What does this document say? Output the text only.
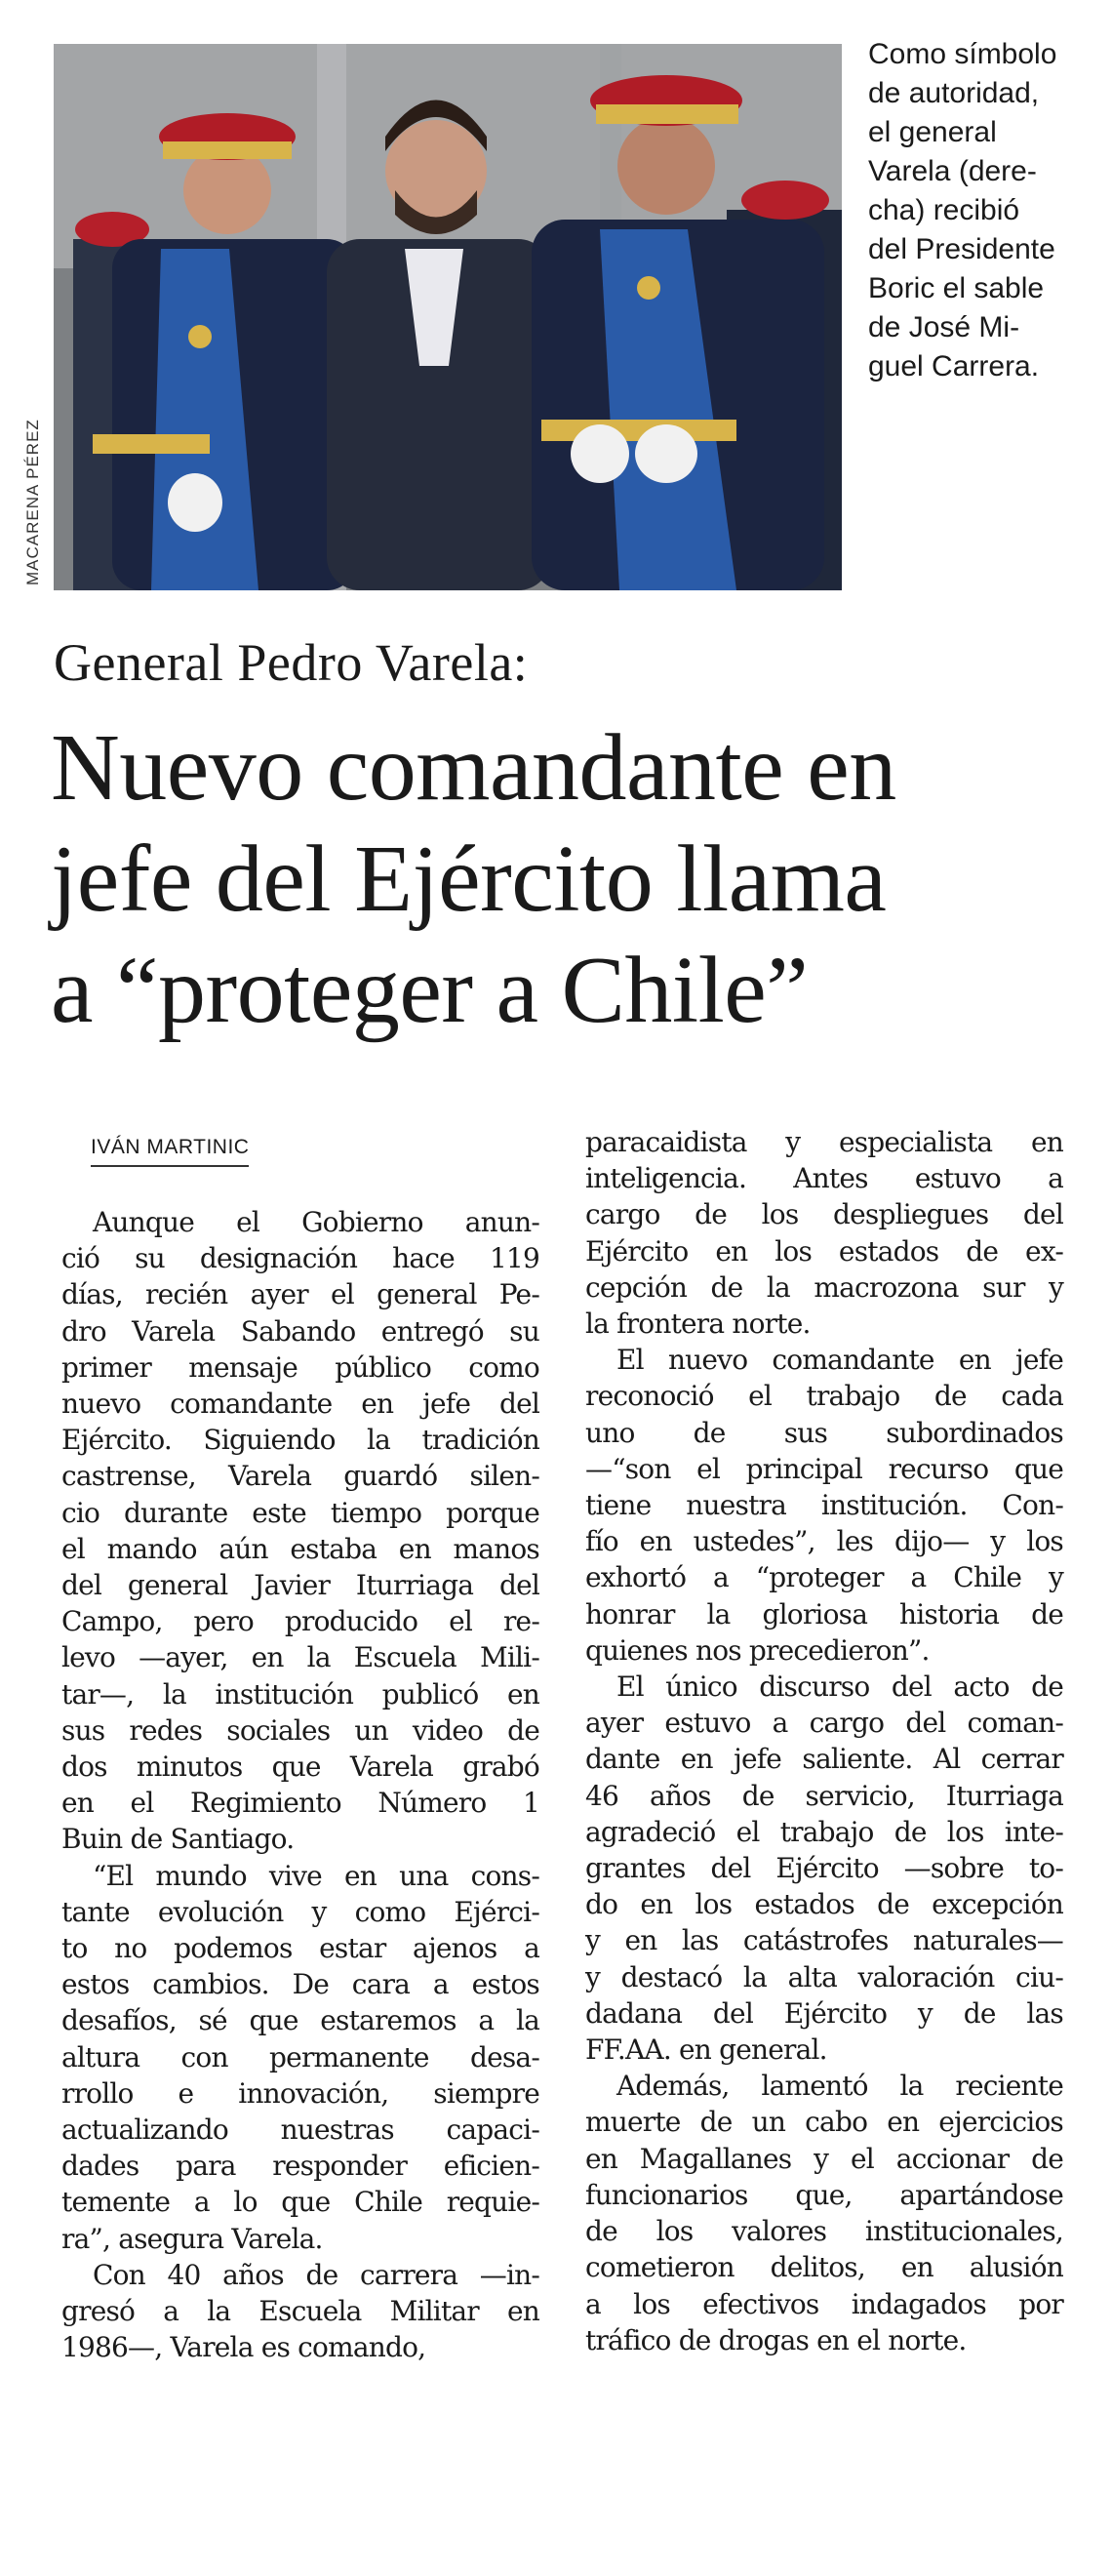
MACARENA PÉREZ

Como símbolo
de autoridad,
el general
Varela (dere-
cha) recibió
del Presidente
Boric el sable
de José Mi-
guel Carrera.

General Pedro Varela:
Nuevo comandante en
jefe del Ejército llama
a “proteger a Chile”
IVÁN MARTINIC

Aunque el Gobierno anun-
ció su designación hace 119
días, recién ayer el general Pe-
dro Varela Sabando entregó su
primer mensaje público como
nuevo comandante en jefe del
Ejército. Siguiendo la tradición
castrense, Varela guardó silen-
cio durante este tiempo porque
el mando aún estaba en manos
del general Javier Iturriaga del
Campo, pero producido el re-
levo —ayer, en la Escuela Mili-
tar—, la institución publicó en
sus redes sociales un video de
dos minutos que Varela grabó
en el Regimiento Número 1
Buin de Santiago.

“El mundo vive en una cons-
tante evolución y como Ejérci-
to no podemos estar ajenos a
estos cambios. De cara a estos
desafíos, sé que estaremos a la
altura con permanente desa-
rrollo e innovación, siempre
actualizando nuestras capaci-
dades para responder eficien-
temente a lo que Chile requie-
ra”, asegura Varela.

Con 40 años de carrera —in-
gresó a la Escuela Militar en
1986—, Varela es comando,

paracaidista y especialista en
inteligencia. Antes estuvo a
cargo de los despliegues del
Ejército en los estados de ex-
cepción de la macrozona sur y
la frontera norte.

El nuevo comandante en jefe
reconoció el trabajo de cada
uno de sus subordinados
—“son el principal recurso que
tiene nuestra institución. Con-
fío en ustedes”, les dijo— y los
exhortó a “proteger a Chile y
honrar la gloriosa historia de
quienes nos precedieron”.

El único discurso del acto de
ayer estuvo a cargo del coman-
dante en jefe saliente. Al cerrar
46 años de servicio, Iturriaga
agradeció el trabajo de los inte-
grantes del Ejército —sobre to-
do en los estados de excepción
y en las catástrofes naturales—
y destacó la alta valoración ciu-
dadana del Ejército y de las
FF.AA. en general.

Además, lamentó la reciente
muerte de un cabo en ejercicios
en Magallanes y el accionar de
funcionarios que, apartándose
de los valores institucionales,
cometieron delitos, en alusión
a los efectivos indagados por
tráfico de drogas en el norte.
